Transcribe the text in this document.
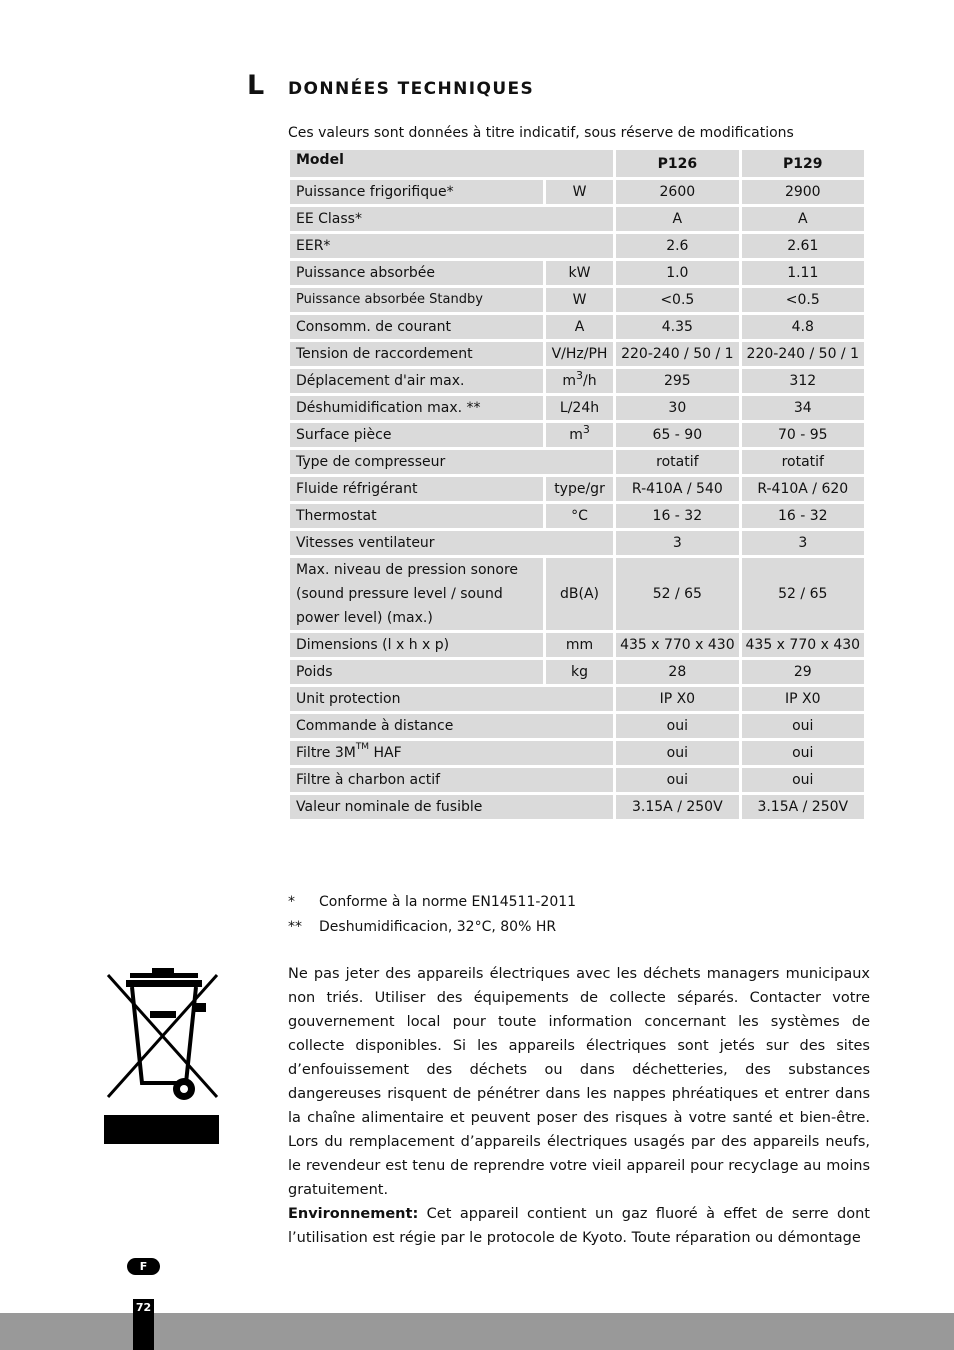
L DONNÉES TECHNIQUES
Ces valeurs sont données à titre indicatif, sous réserve de modifications
Model		P126	P129
Puissance frigorifique*	W	2600	2900
EE Class*		A	A
EER*		2.6	2.61
Puissance absorbée	kW	1.0	1.11
Puissance absorbée Standby	W	<0.5	<0.5
Consomm. de courant	A	4.35	4.8
Tension de raccordement	V/Hz/PH	220-240 / 50 / 1	220-240 / 50 / 1
Déplacement d'air max.	$m^3/h$	295	312
Déshumidification max. **	L/24h	30	34
Surface pièce	$m^3$	65 - 90	70 - 95
Type de compresseur		rotatif	rotatif
Fluide réfrigérant	type/gr	R-410A / 540	R-410A / 620
Thermostat	°C	16 - 32	16 - 32
Vitesses ventilateur		3	3
Max. niveau de pression sonore (sound pressure level / sound power level) (max.)	dB(A)	52 / 65	52 / 65
Dimensions (l x h x p)	mm	435 x 770 x 430	435 x 770 x 430
Poids	kg	28	29
Unit protection		IP X0	IP X0
Commande à distance		oui	oui
Filtre 3M™ HAF		oui	oui
Filtre à charbon actif		oui	oui
Valeur nominale de fusible		3.15A / 250V	3.15A / 250V
* Conforme à la norme EN14511-2011
** Deshumidificacion, 32°C, 80% HR
Ne pas jeter des appareils électriques avec les déchets managers municipaux non triés. Utiliser des équipements de collecte séparés. Contacter votre gouvernement local pour toute information concernant les systèmes de collecte disponibles. Si les appareils électriques sont jetés sur des sites d’enfouissement des déchets ou dans déchetteries, des substances dangereuses risquent de pénétrer dans les nappes phréatiques et entrer dans la chaîne alimentaire et peuvent poser des risques à votre santé et bien-être. Lors du remplacement d’appareils électriques usagés par des appareils neufs, le revendeur est tenu de reprendre votre vieil appareil pour recyclage au moins gratuitement.
Environnement: Cet appareil contient un gaz fluoré à effet de serre dont l’utilisation est régie par le protocole de Kyoto. Toute réparation ou démontage
F
72
